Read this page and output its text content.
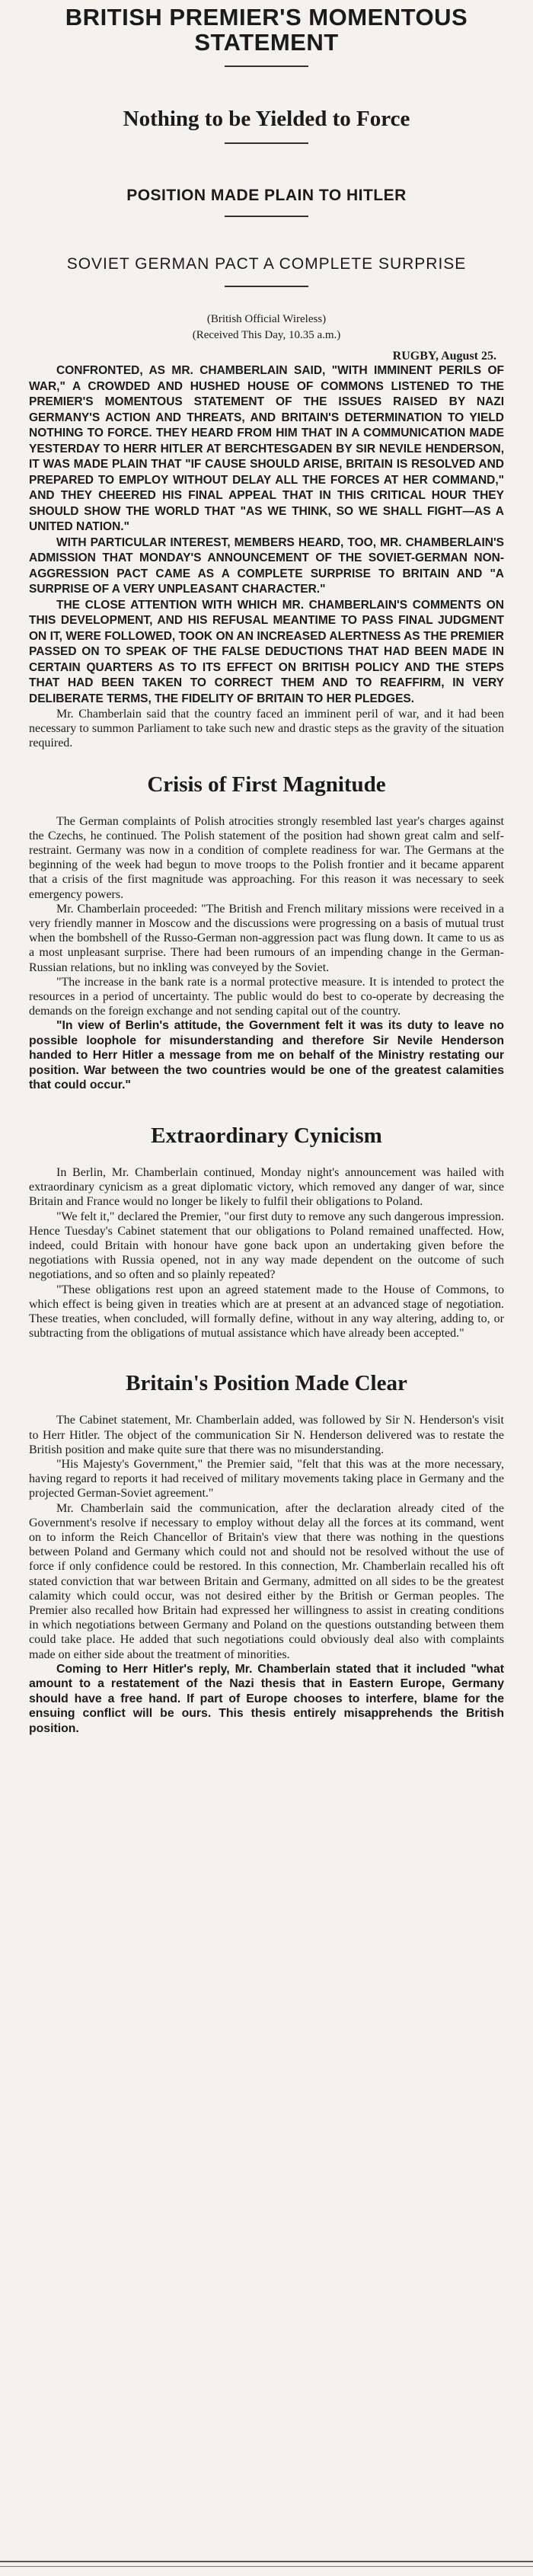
BRITISH PREMIER'S MOMENTOUS STATEMENT
Nothing to be Yielded to Force
POSITION MADE PLAIN TO HITLER
SOVIET GERMAN PACT A COMPLETE SURPRISE
(British Official Wireless)
(Received This Day, 10.35 a.m.)
RUGBY, August 25.

CONFRONTED, AS MR. CHAMBERLAIN SAID, "WITH IMMINENT PERILS OF WAR," A CROWDED AND HUSHED HOUSE OF COMMONS LISTENED TO THE PREMIER'S MOMENTOUS STATEMENT OF THE ISSUES RAISED BY NAZI GERMANY'S ACTION AND THREATS, AND BRITAIN'S DETERMINATION TO YIELD NOTHING TO FORCE. THEY HEARD FROM HIM THAT IN A COMMUNICATION MADE YESTERDAY TO HERR HITLER AT BERCHTESGADEN BY SIR NEVILE HENDERSON, IT WAS MADE PLAIN THAT "IF CAUSE SHOULD ARISE, BRITAIN IS RESOLVED AND PREPARED TO EMPLOY WITHOUT DELAY ALL THE FORCES AT HER COMMAND," AND THEY CHEERED HIS FINAL APPEAL THAT IN THIS CRITICAL HOUR THEY SHOULD SHOW THE WORLD THAT "AS WE THINK, SO WE SHALL FIGHT—AS A UNITED NATION."

WITH PARTICULAR INTEREST, MEMBERS HEARD, TOO, MR. CHAMBERLAIN'S ADMISSION THAT MONDAY'S ANNOUNCEMENT OF THE SOVIET-GERMAN NON-AGGRESSION PACT CAME AS A COMPLETE SURPRISE TO BRITAIN AND "A SURPRISE OF A VERY UNPLEASANT CHARACTER."

THE CLOSE ATTENTION WITH WHICH MR. CHAMBERLAIN'S COMMENTS ON THIS DEVELOPMENT, AND HIS REFUSAL MEANTIME TO PASS FINAL JUDGMENT ON IT, WERE FOLLOWED, TOOK ON AN INCREASED ALERTNESS AS THE PREMIER PASSED ON TO SPEAK OF THE FALSE DEDUCTIONS THAT HAD BEEN MADE IN CERTAIN QUARTERS AS TO ITS EFFECT ON BRITISH POLICY AND THE STEPS THAT HAD BEEN TAKEN TO CORRECT THEM AND TO REAFFIRM, IN VERY DELIBERATE TERMS, THE FIDELITY OF BRITAIN TO HER PLEDGES.

Mr. Chamberlain said that the country faced an imminent peril of war, and it had been necessary to summon Parliament to take such new and drastic steps as the gravity of the situation required.

Crisis of First Magnitude

The German complaints of Polish atrocities strongly resembled last year's charges against the Czechs, he continued. The Polish statement of the position had shown great calm and self-restraint. Germany was now in a condition of complete readiness for war. The Germans at the beginning of the week had begun to move troops to the Polish frontier and it became apparent that a crisis of the first magnitude was approaching. For this reason it was necessary to seek emergency powers.

Mr. Chamberlain proceeded: "The British and French military missions were received in a very friendly manner in Moscow and the discussions were progressing on a basis of mutual trust when the bombshell of the Russo-German non-aggression pact was flung down. It came to us as a most unpleasant surprise. There had been rumours of an impending change in the German-Russian relations, but no inkling was conveyed by the Soviet.

"The increase in the bank rate is a normal protective measure. It is intended to protect the resources in a period of uncertainty. The public would do best to co-operate by decreasing the demands on the foreign exchange and not sending capital out of the country.

"In view of Berlin's attitude, the Government felt it was its duty to leave no possible loophole for misunderstanding and therefore Sir Nevile Henderson handed to Herr Hitler a message from me on behalf of the Ministry restating our position. War between the two countries would be one of the greatest calamities that could occur."

Extraordinary Cynicism

In Berlin, Mr. Chamberlain continued, Monday night's announcement was hailed with extraordinary cynicism as a great diplomatic victory, which removed any danger of war, since Britain and France would no longer be likely to fulfil their obligations to Poland.

"We felt it," declared the Premier, "our first duty to remove any such dangerous impression. Hence Tuesday's Cabinet statement that our obligations to Poland remained unaffected. How, indeed, could Britain with honour have gone back upon an undertaking given before the negotiations with Russia opened, not in any way made dependent on the outcome of such negotiations, and so often and so plainly repeated?

"These obligations rest upon an agreed statement made to the House of Commons, to which effect is being given in treaties which are at present at an advanced stage of negotiation. These treaties, when concluded, will formally define, without in any way altering, adding to, or subtracting from the obligations of mutual assistance which have already been accepted."

Britain's Position Made Clear

The Cabinet statement, Mr. Chamberlain added, was followed by Sir N. Henderson's visit to Herr Hitler. The object of the communication Sir N. Henderson delivered was to restate the British position and make quite sure that there was no misunderstanding.

"His Majesty's Government," the Premier said, "felt that this was at the more necessary, having regard to reports it had received of military movements taking place in Germany and the projected German-Soviet agreement."

Mr. Chamberlain said the communication, after the declaration already cited of the Government's resolve if necessary to employ without delay all the forces at its command, went on to inform the Reich Chancellor of Britain's view that there was nothing in the questions between Poland and Germany which could not and should not be resolved without the use of force if only confidence could be restored. In this connection, Mr. Chamberlain recalled his oft stated conviction that war between Britain and Germany, admitted on all sides to be the greatest calamity which could occur, was not desired either by the British or German peoples. The Premier also recalled how Britain had expressed her willingness to assist in creating conditions in which negotiations between Germany and Poland on the questions outstanding between them could take place. He added that such negotiations could obviously deal also with complaints made on either side about the treatment of minorities.

Coming to Herr Hitler's reply, Mr. Chamberlain stated that it included "what amount to a restatement of the Nazi thesis that in Eastern Europe, Germany should have a free hand. If part of Europe chooses to interfere, blame for the ensuing conflict will be ours. This thesis entirely misapprehends the British position.
